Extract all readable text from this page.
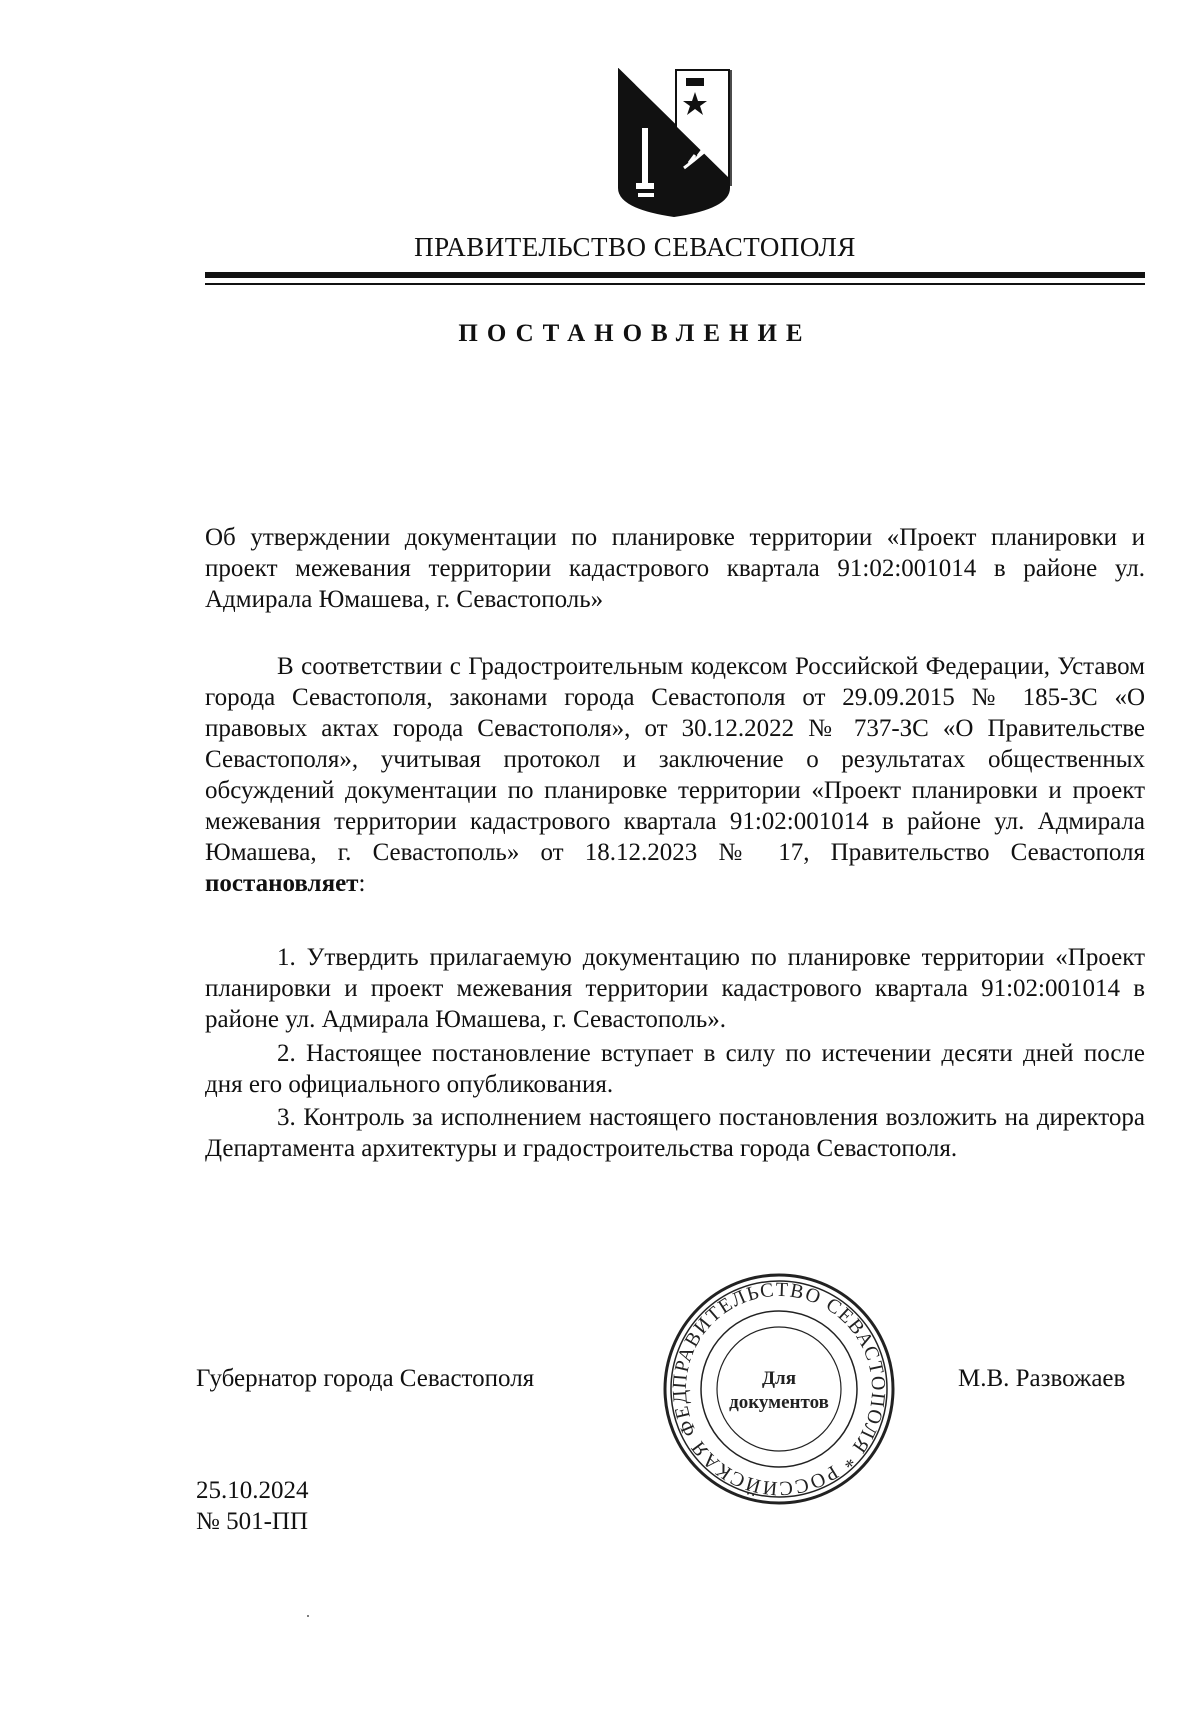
ПРАВИТЕЛЬСТВО СЕВАСТОПОЛЯ
ПОСТАНОВЛЕНИЕ
Об утверждении документации по планировке территории «Проект планировки и проект межевания территории кадастрового квартала 91:02:001014 в районе ул. Адмирала Юмашева, г. Севастополь»
В соответствии с Градостроительным кодексом Российской Федерации, Уставом города Севастополя, законами города Севастополя от 29.09.2015 № 185-ЗС «О правовых актах города Севастополя», от 30.12.2022 № 737-ЗС «О Правительстве Севастополя», учитывая протокол и заключение о результатах общественных обсуждений документации по планировке территории «Проект планировки и проект межевания территории кадастрового квартала 91:02:001014 в районе ул. Адмирала Юмашева, г. Севастополь» от 18.12.2023 № 17, Правительство Севастополя постановляет:
1. Утвердить прилагаемую документацию по планировке территории «Проект планировки и проект межевания территории кадастрового квартала 91:02:001014 в районе ул. Адмирала Юмашева, г. Севастополь».
2. Настоящее постановление вступает в силу по истечении десяти дней после дня его официального опубликования.
3. Контроль за исполнением настоящего постановления возложить на директора Департамента архитектуры и градостроительства города Севастополя.
Губернатор города Севастополя	ПРАВИТЕЛЬСТВО СЕВАСТОПОЛЯ * РОССИЙСКАЯ ФЕД
Для
документов
М.В. Развожаев
25.10.2024
№ 501-ПП
